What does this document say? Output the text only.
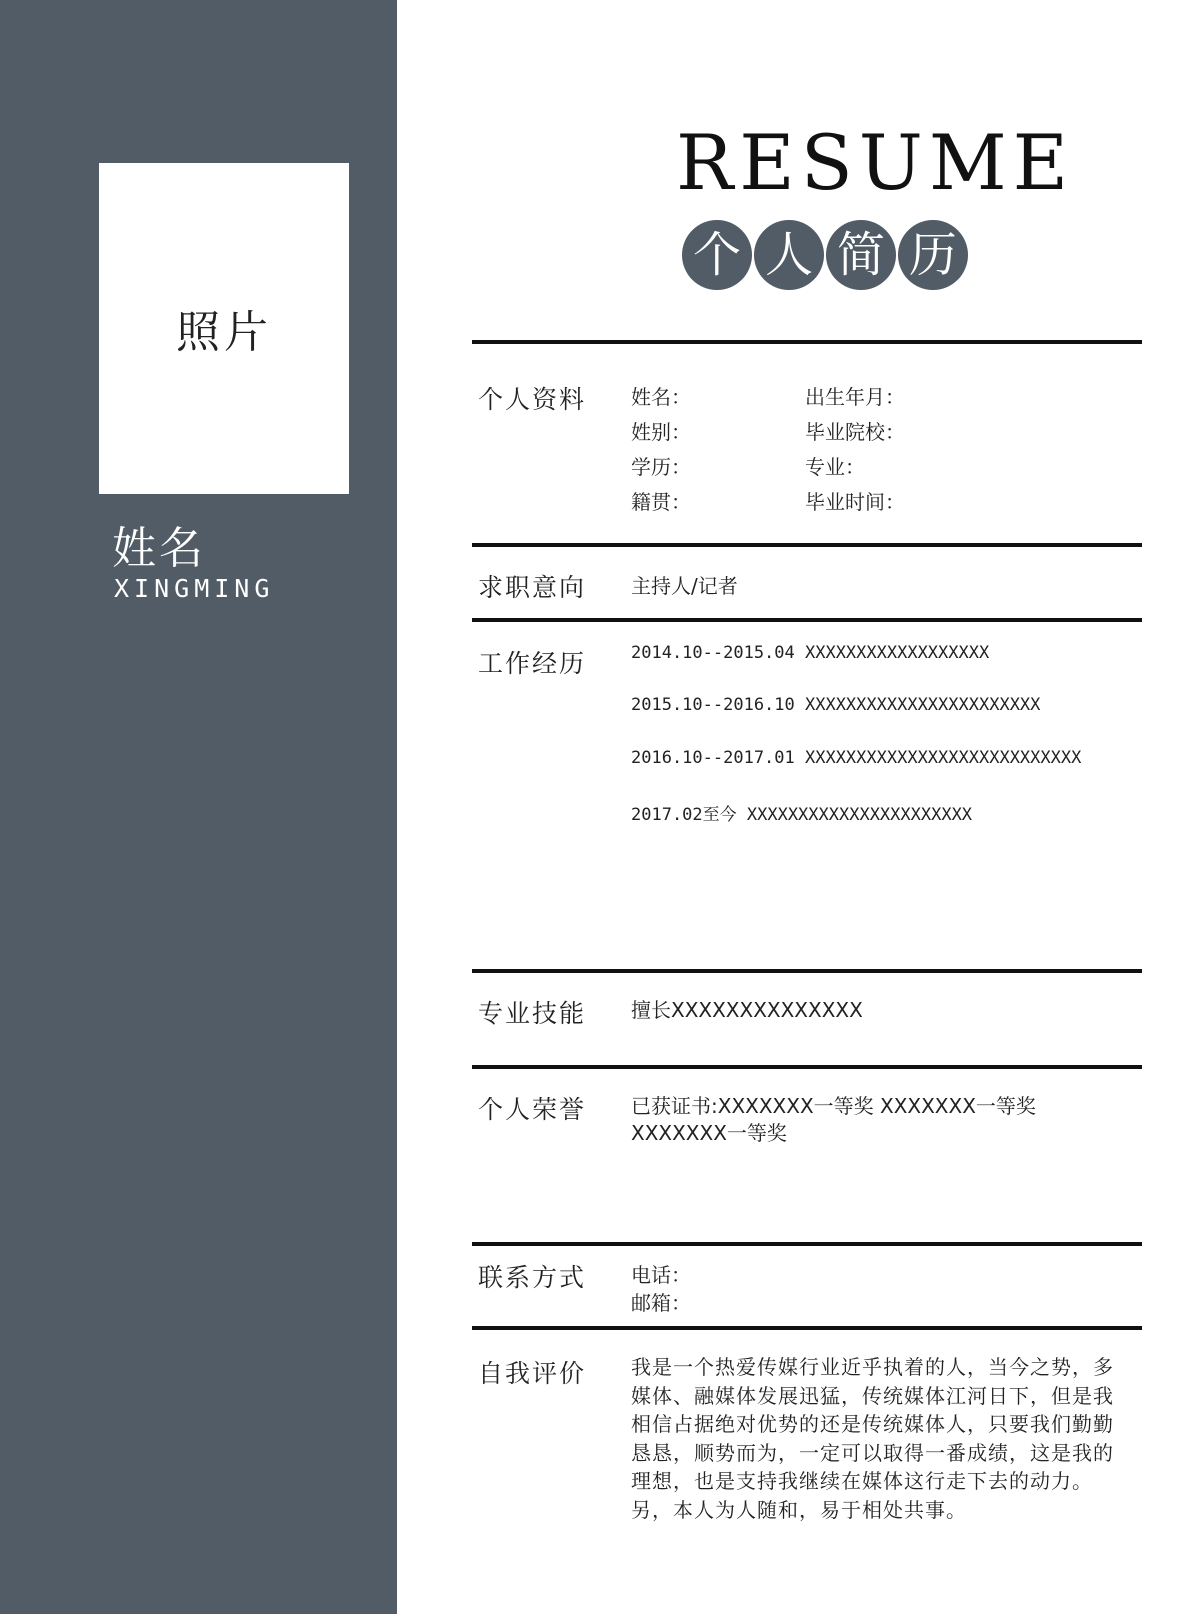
照片
姓名
XINGMING
RESUME
个 人 简 历
个人资料 姓名：	出生年月：
姓别：	毕业院校：
学历：	专业：
籍贯：	毕业时间：
求职意向 主持人/记者
工作经历	2014.10--2015.04 XXXXXXXXXXXXXXXXXX
2015.10--2016.10 XXXXXXXXXXXXXXXXXXXXXXX
2016.10--2017.01 XXXXXXXXXXXXXXXXXXXXXXXXXXX
2017.02至今 XXXXXXXXXXXXXXXXXXXXXX
专业技能 擅长XXXXXXXXXXXXXX
个人荣誉 已获证书:XXXXXXX一等奖 XXXXXXX一等奖
XXXXXXX一等奖
联系方式 电话：
邮箱：
自我评价 我是一个热爱传媒行业近乎执着的人，当今之势，多媒体、融媒体发展迅猛，传统媒体江河日下，但是我相信占据绝对优势的还是传统媒体人，只要我们勤勤恳恳，顺势而为，一定可以取得一番成绩，这是我的理想，也是支持我继续在媒体这行走下去的动力。另，本人为人随和，易于相处共事。
